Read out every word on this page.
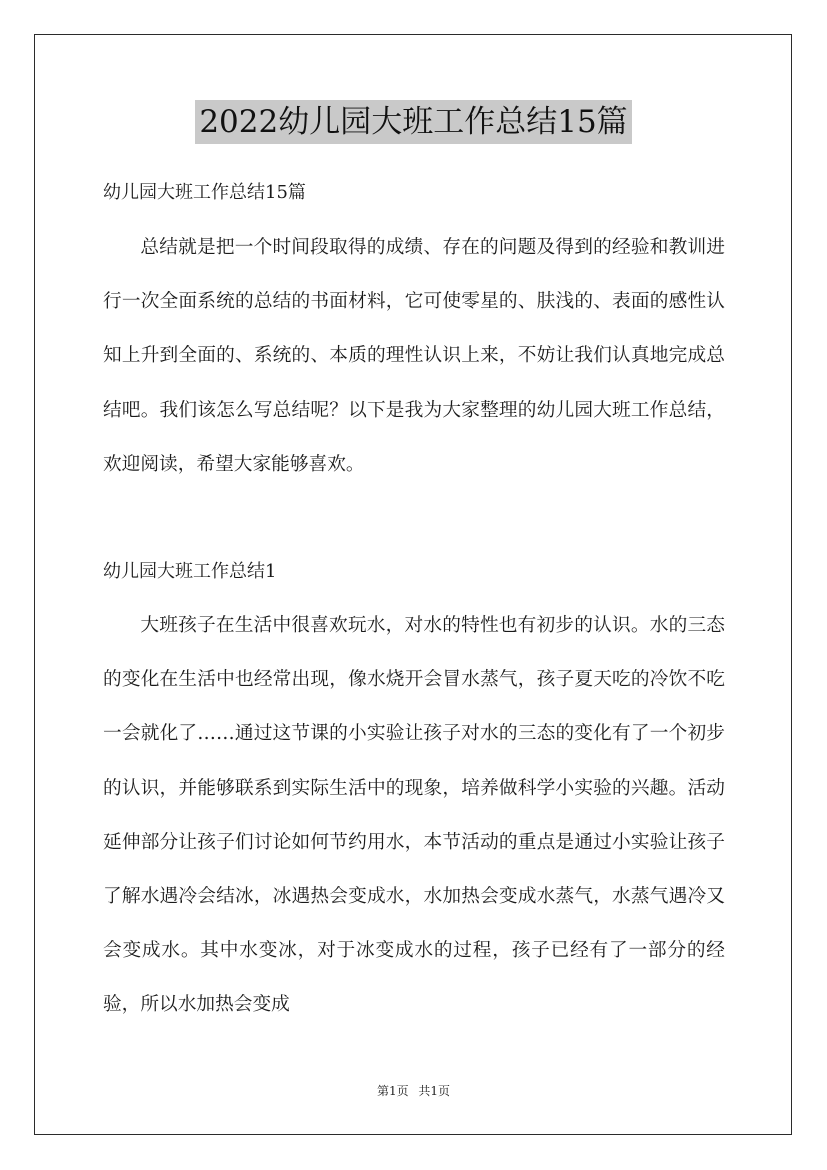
2022幼儿园大班工作总结15篇
幼儿园大班工作总结15篇

总结就是把一个时间段取得的成绩、存在的问题及得到的经验和教训进行一次全面系统的总结的书面材料，它可使零星的、肤浅的、表面的感性认知上升到全面的、系统的、本质的理性认识上来，不妨让我们认真地完成总结吧。我们该怎么写总结呢？以下是我为大家整理的幼儿园大班工作总结，欢迎阅读，希望大家能够喜欢。

幼儿园大班工作总结1

大班孩子在生活中很喜欢玩水，对水的特性也有初步的认识。水的三态的变化在生活中也经常出现，像水烧开会冒水蒸气，孩子夏天吃的冷饮不吃一会就化了……通过这节课的小实验让孩子对水的三态的变化有了一个初步的认识，并能够联系到实际生活中的现象，培养做科学小实验的兴趣。活动延伸部分让孩子们讨论如何节约用水，本节活动的重点是通过小实验让孩子了解水遇冷会结冰，冰遇热会变成水，水加热会变成水蒸气，水蒸气遇冷又会变成水。其中水变冰，对于冰变成水的过程，孩子已经有了一部分的经验，所以水加热会变成

第1页 共1页
